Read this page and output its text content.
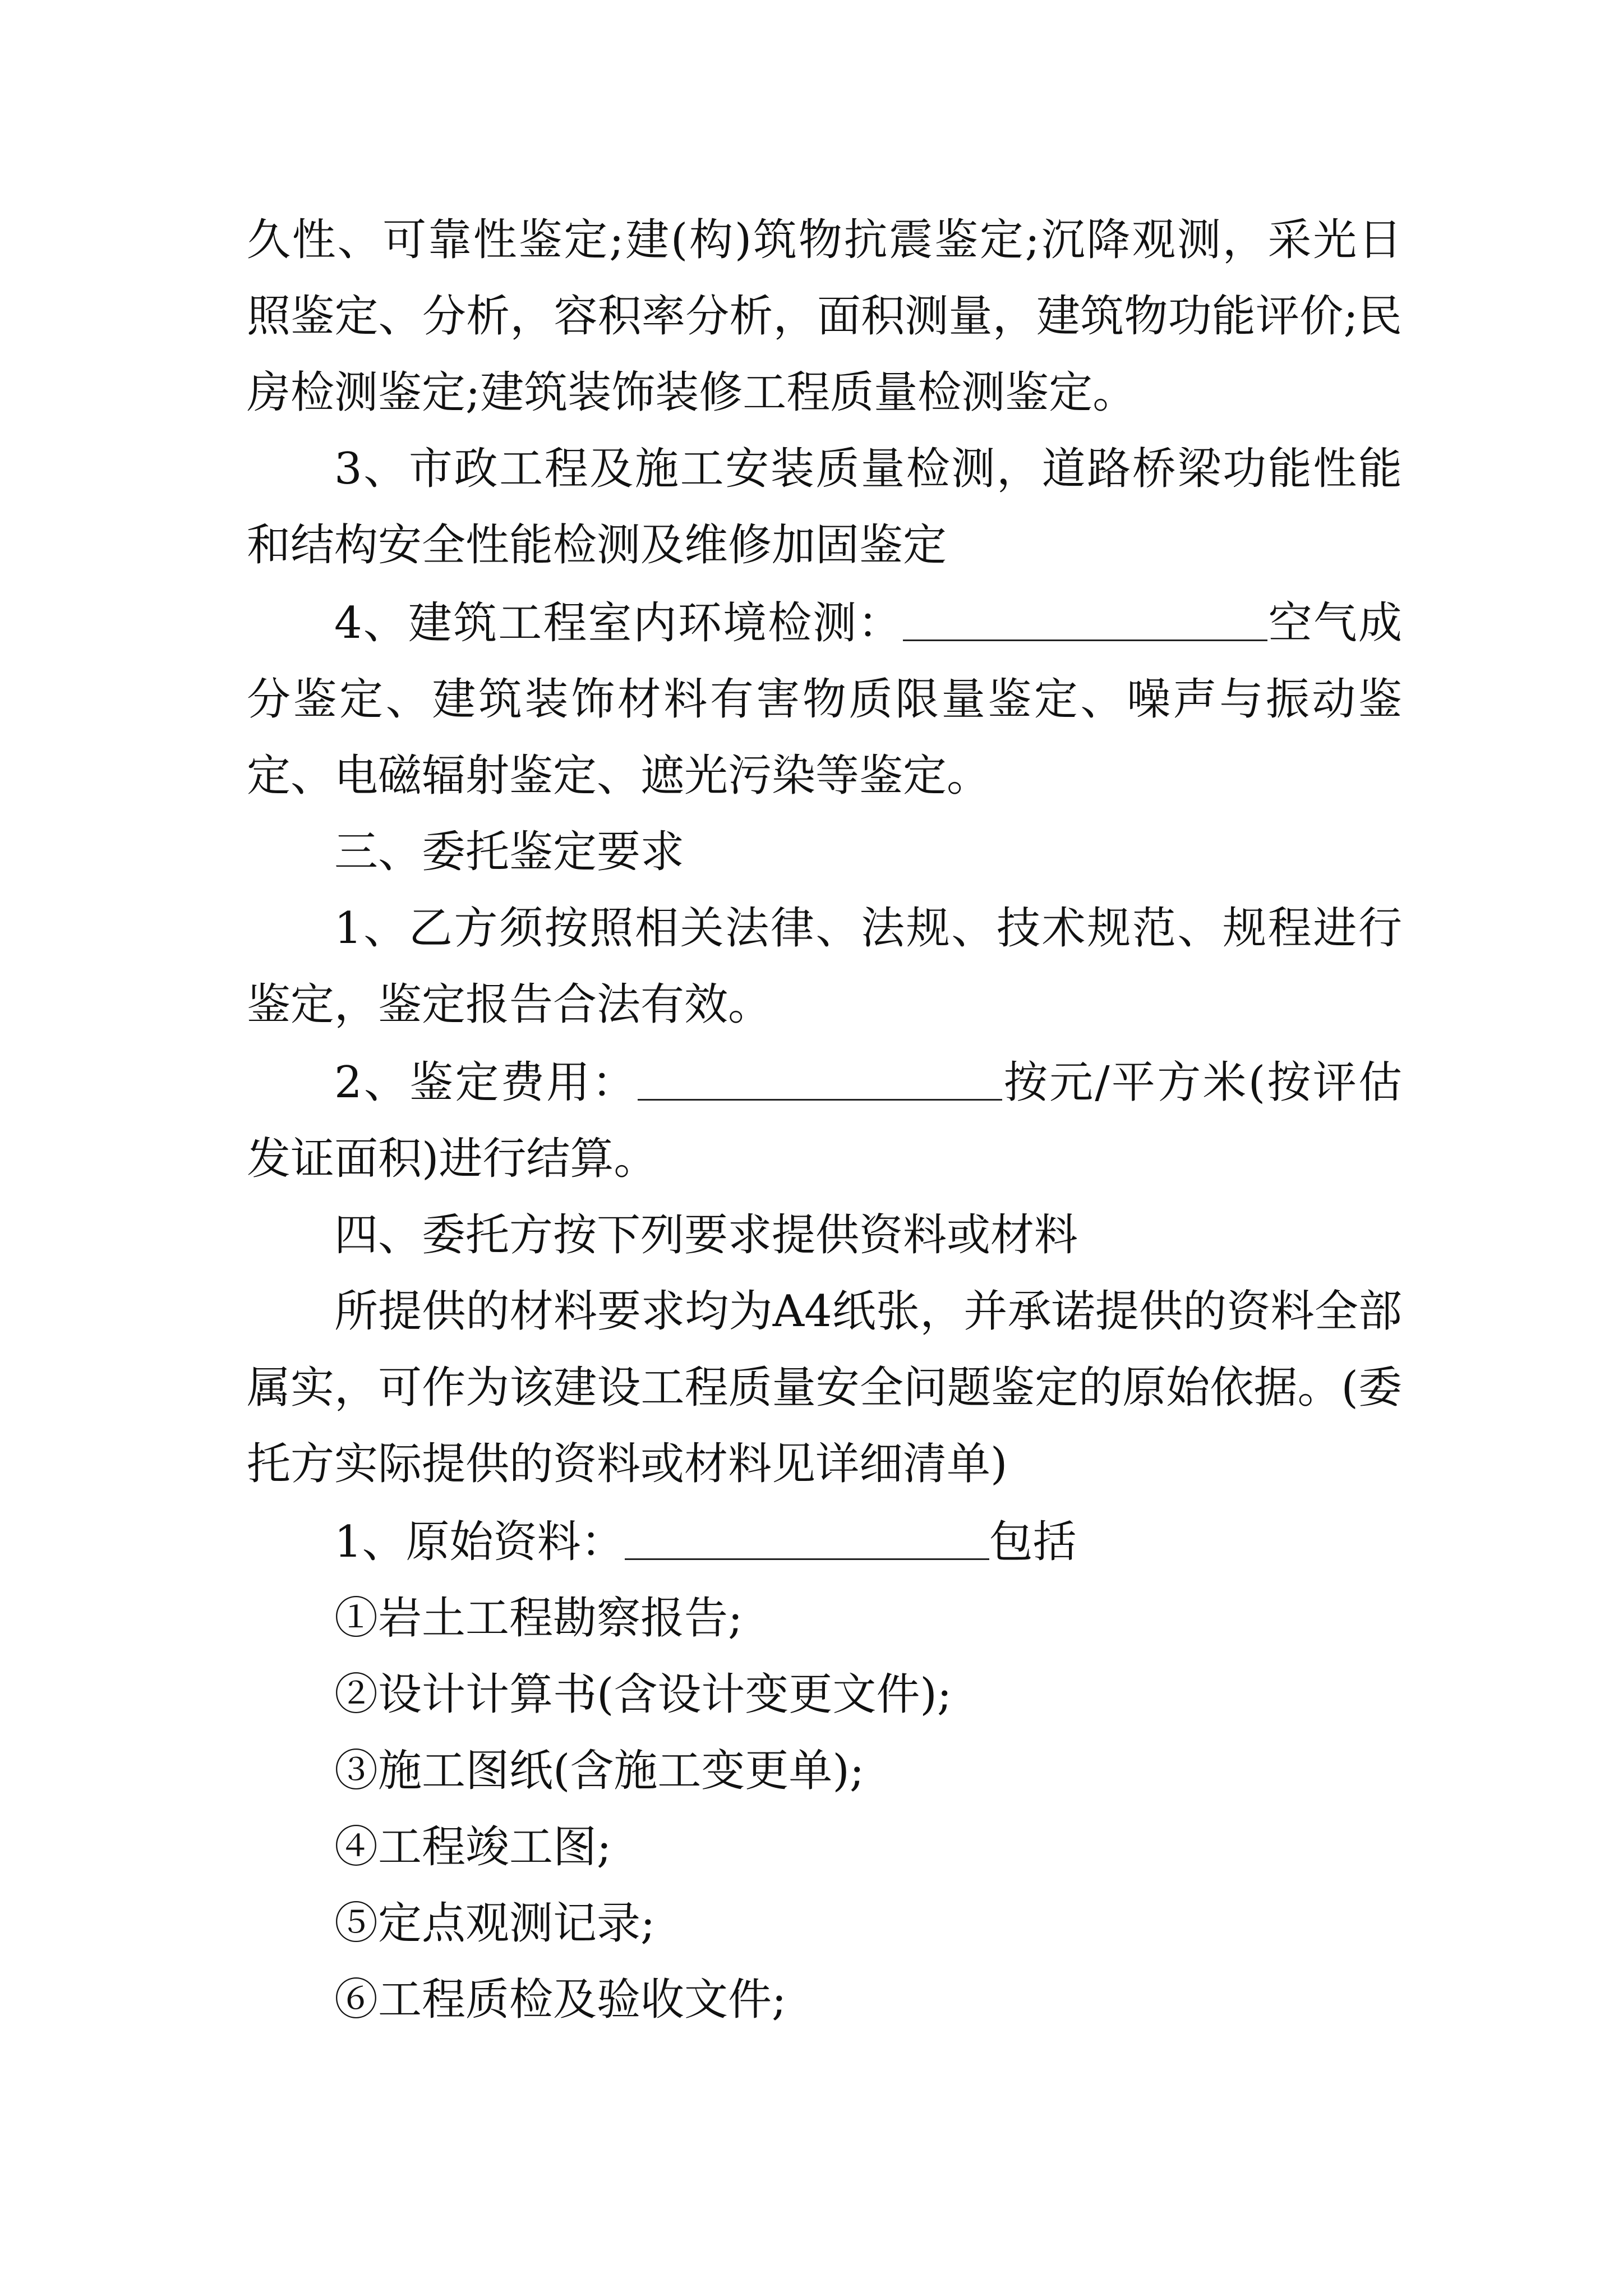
久性、可靠性鉴定;建(构)筑物抗震鉴定;沉降观测，采光日照鉴定、分析，容积率分析，面积测量，建筑物功能评价;民房检测鉴定;建筑装饰装修工程质量检测鉴定。

3、市政工程及施工安装质量检测，道路桥梁功能性能和结构安全性能检测及维修加固鉴定

4、建筑工程室内环境检测：	空气成分鉴定、建筑装饰材料有害物质限量鉴定、噪声与振动鉴定、电磁辐射鉴定、遮光污染等鉴定。

三、委托鉴定要求

1、乙方须按照相关法律、法规、技术规范、规程进行鉴定，鉴定报告合法有效。

2、鉴定费用：	按元/平方米(按评估发证面积)进行结算。

四、委托方按下列要求提供资料或材料

所提供的材料要求均为A4纸张，并承诺提供的资料全部属实，可作为该建设工程质量安全问题鉴定的原始依据。(委托方实际提供的资料或材料见详细清单)

1、原始资料：	包括

①岩土工程勘察报告;

②设计计算书(含设计变更文件);

③施工图纸(含施工变更单);

④工程竣工图;

⑤定点观测记录;

⑥工程质检及验收文件;
